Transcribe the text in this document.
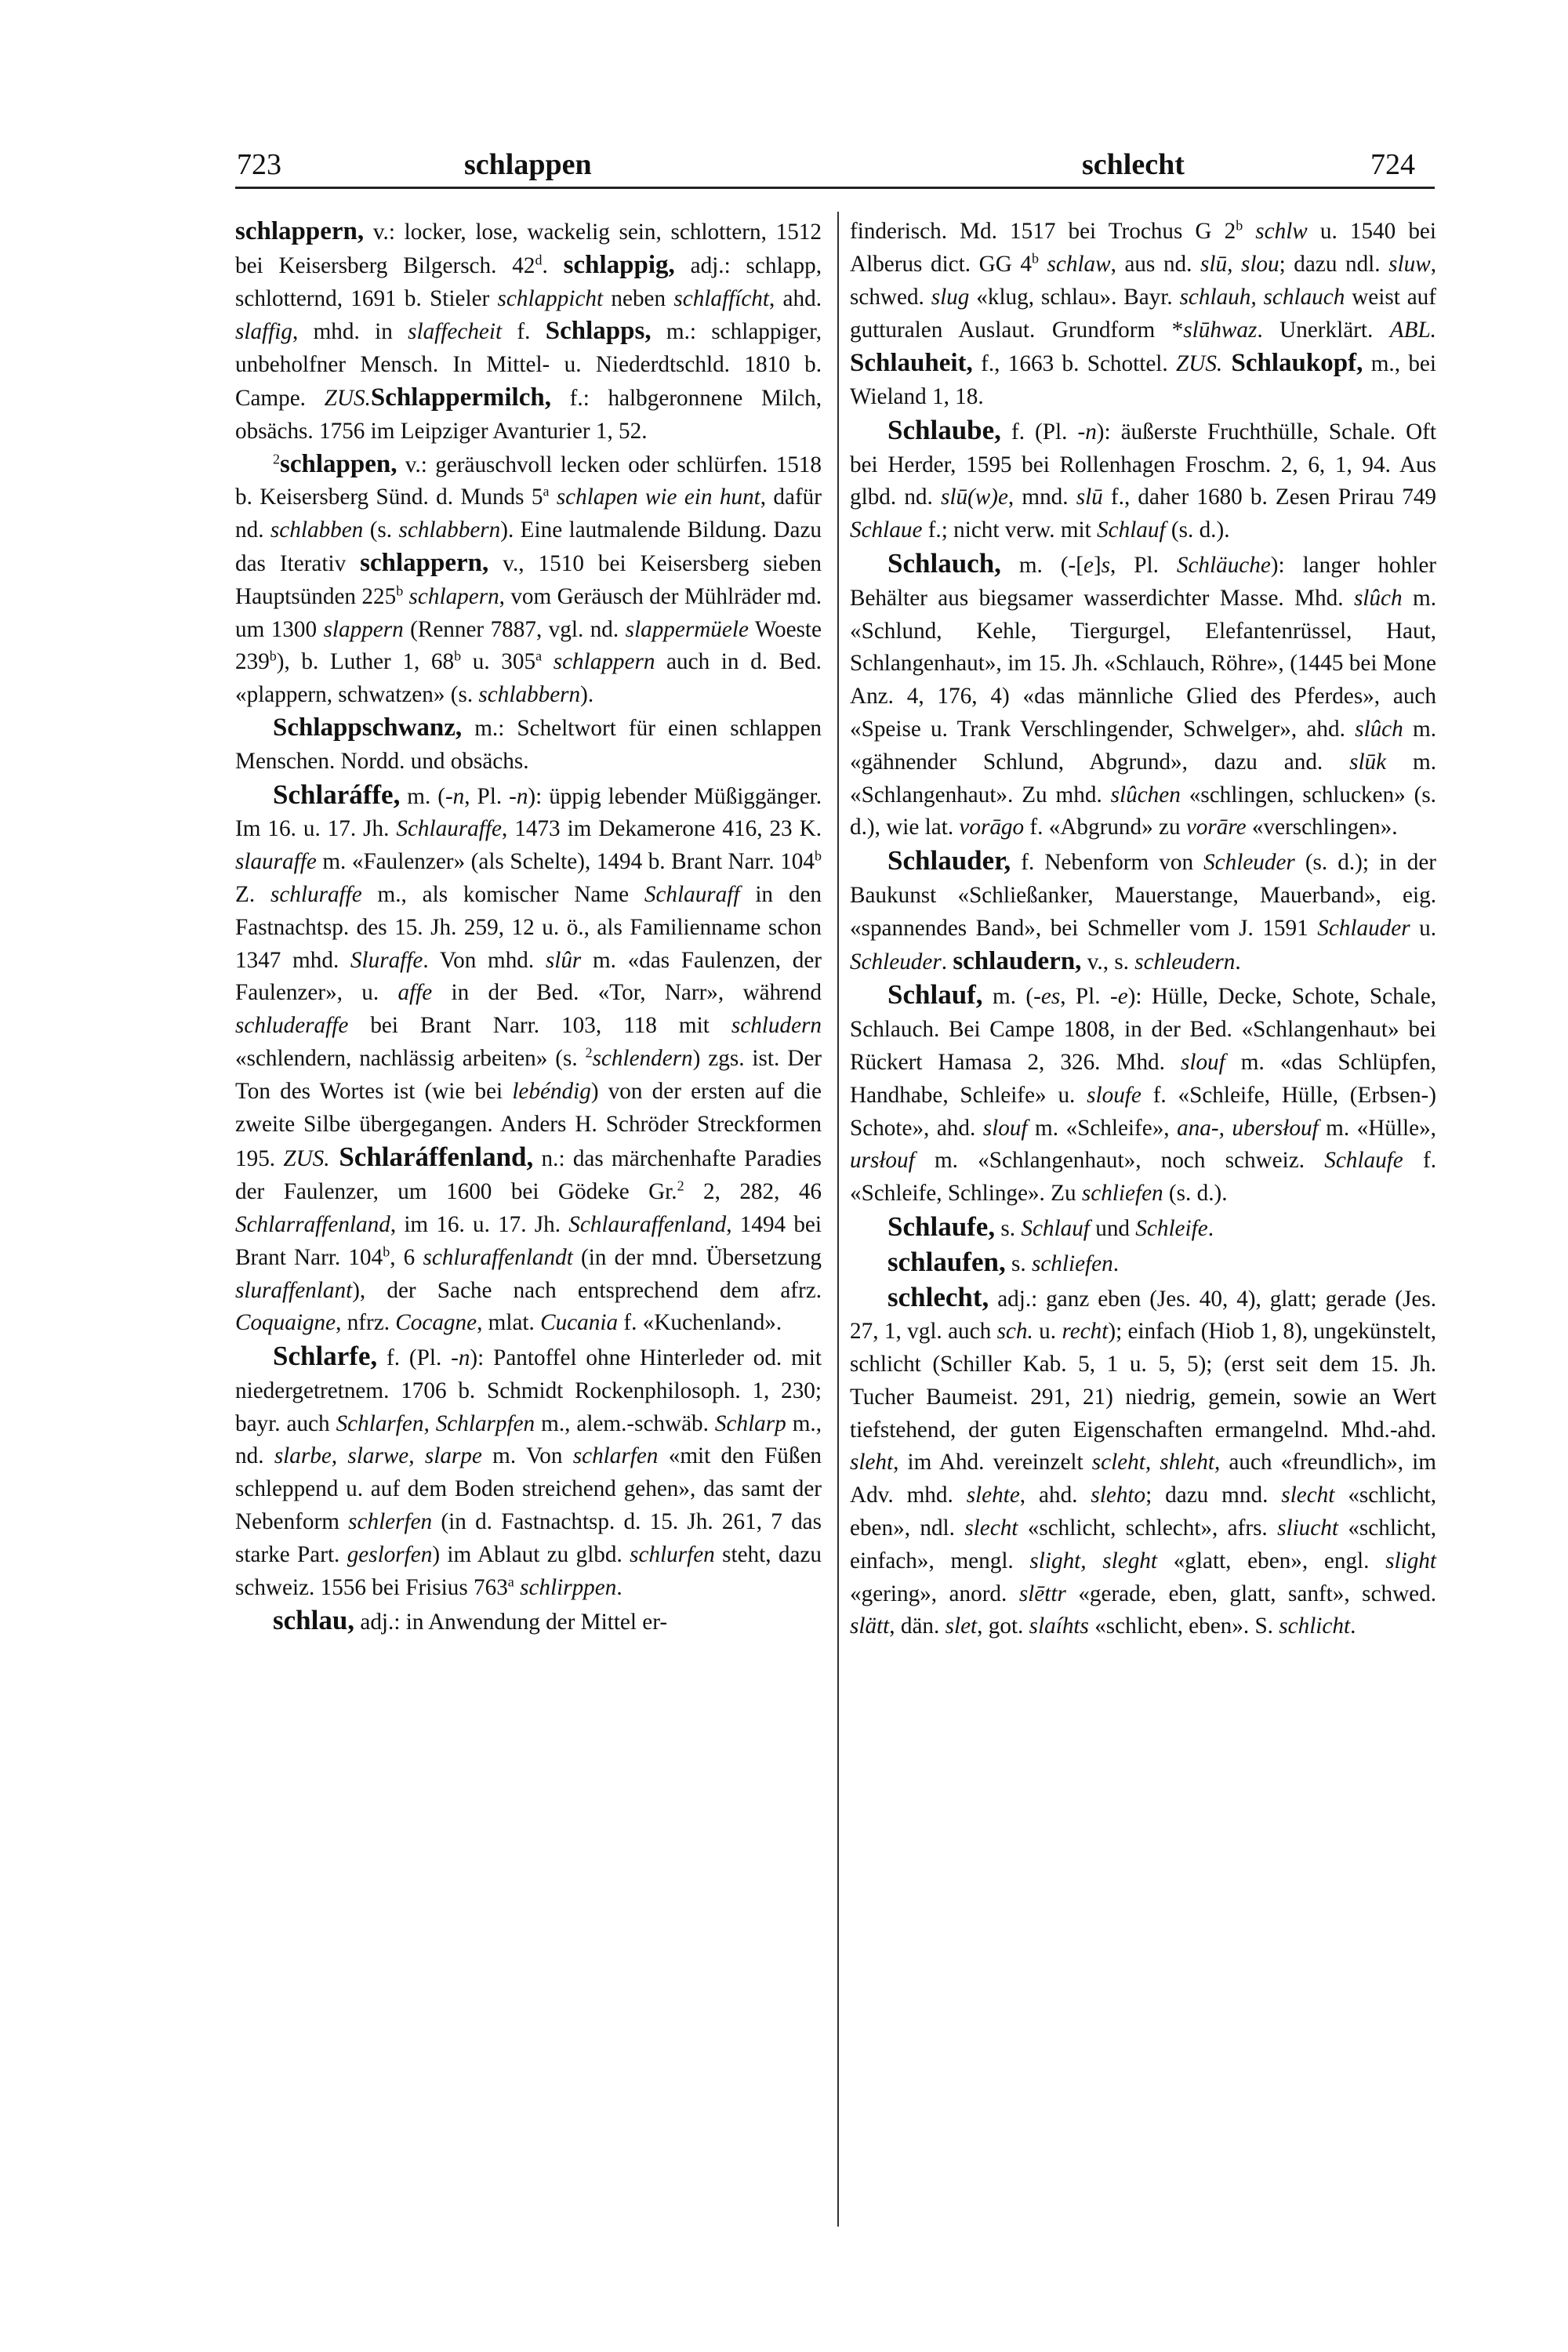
723	schlappen	schlecht	724

schlappern, v.: locker, lose, wackelig sein, schlottern, 1512 bei Keisersberg Bilgersch. 42$^d$. schlappig, adj.: schlapp, schlotternd, 1691 b. Stieler schlappicht neben schlaffícht, ahd. slaffig, mhd. in slaffecheit f. Schlapps, m.: schlappiger, unbeholfner Mensch. In Mittel- u. Niederdtschld. 1810 b. Campe. ZUS.Schlappermilch, f.: halbgeronnene Milch, obsächs. 1756 im Leipziger Avanturier 1, 52.

$^2$schlappen, v.: geräuschvoll lecken oder schlürfen. 1518 b. Keisersberg Sünd. d. Munds 5$^a$ schlapen wie ein hunt, dafür nd. schlabben (s. schlabbern). Eine lautmalende Bildung. Dazu das Iterativ schlappern, v., 1510 bei Keisersberg sieben Hauptsünden 225$^b$ schlapern, vom Geräusch der Mühlräder md. um 1300 slappern (Renner 7887, vgl. nd. slappermüele Woeste 239$^b$), b. Luther 1, 68$^b$ u. 305$^a$ schlappern auch in d. Bed. «plappern, schwatzen» (s. schlabbern).

Schlappschwanz, m.: Scheltwort für einen schlappen Menschen. Nordd. und obsächs.

Schlaráffe, m. (-n, Pl. -n): üppig lebender Müßiggänger. Im 16. u. 17. Jh. Schlauraffe, 1473 im Dekamerone 416, 23 K. slauraffe m. «Faulenzer» (als Schelte), 1494 b. Brant Narr. 104$^b$ Z. schluraffe m., als komischer Name Schlauraff in den Fastnachtsp. des 15. Jh. 259, 12 u. ö., als Familienname schon 1347 mhd. Sluraffe. Von mhd. slûr m. «das Faulenzen, der Faulenzer», u. affe in der Bed. «Tor, Narr», während schluderaffe bei Brant Narr. 103, 118 mit schludern «schlendern, nachlässig arbeiten» (s. $^2$schlendern) zgs. ist. Der Ton des Wortes ist (wie bei lebéndig) von der ersten auf die zweite Silbe übergegangen. Anders H. Schröder Streckformen 195. ZUS. Schlaráffenland, n.: das märchenhafte Paradies der Faulenzer, um 1600 bei Gödeke Gr.$^2$ 2, 282, 46 Schlarraffenland, im 16. u. 17. Jh. Schlauraffenland, 1494 bei Brant Narr. 104$^b$, 6 schluraffenlandt (in der mnd. Übersetzung sluraffenlant), der Sache nach entsprechend dem afrz. Coquaigne, nfrz. Cocagne, mlat. Cucania f. «Kuchenland».

Schlarfe, f. (Pl. -n): Pantoffel ohne Hinterleder od. mit niedergetretnem. 1706 b. Schmidt Rockenphilosoph. 1, 230; bayr. auch Schlarfen, Schlarpfen m., alem.-schwäb. Schlarp m., nd. slarbe, slarwe, slarpe m. Von schlarfen «mit den Füßen schleppend u. auf dem Boden streichend gehen», das samt der Nebenform schlerfen (in d. Fastnachtsp. d. 15. Jh. 261, 7 das starke Part. geslorfen) im Ablaut zu glbd. schlurfen steht, dazu schweiz. 1556 bei Frisius 763$^a$ schlirppen.

schlau, adj.: in Anwendung der Mittel er-

finderisch. Md. 1517 bei Trochus G 2$^b$ schlw u. 1540 bei Alberus dict. GG 4$^b$ schlaw, aus nd. slū, slou; dazu ndl. sluw, schwed. slug «klug, schlau». Bayr. schlauh, schlauch weist auf gutturalen Auslaut. Grundform *slūhwaz. Unerklärt. ABL. Schlauheit, f., 1663 b. Schottel. ZUS. Schlaukopf, m., bei Wieland 1, 18.

Schlaube, f. (Pl. -n): äußerste Fruchthülle, Schale. Oft bei Herder, 1595 bei Rollenhagen Froschm. 2, 6, 1, 94. Aus glbd. nd. slū(w)e, mnd. slū f., daher 1680 b. Zesen Prirau 749 Schlaue f.; nicht verw. mit Schlauf (s. d.).

Schlauch, m. (-[e]s, Pl. Schläuche): langer hohler Behälter aus biegsamer wasserdichter Masse. Mhd. slûch m. «Schlund, Kehle, Tiergurgel, Elefantenrüssel, Haut, Schlangenhaut», im 15. Jh. «Schlauch, Röhre», (1445 bei Mone Anz. 4, 176, 4) «das männliche Glied des Pferdes», auch «Speise u. Trank Verschlingender, Schwelger», ahd. slûch m. «gähnender Schlund, Abgrund», dazu and. slūk m. «Schlangenhaut». Zu mhd. slûchen «schlingen, schlucken» (s. d.), wie lat. vorāgo f. «Abgrund» zu vorāre «verschlingen».

Schlauder, f. Nebenform von Schleuder (s. d.); in der Baukunst «Schließanker, Mauerstange, Mauerband», eig. «spannendes Band», bei Schmeller vom J. 1591 Schlauder u. Schleuder. schlaudern, v., s. schleudern.

Schlauf, m. (-es, Pl. -e): Hülle, Decke, Schote, Schale, Schlauch. Bei Campe 1808, in der Bed. «Schlangenhaut» bei Rückert Hamasa 2, 326. Mhd. slouf m. «das Schlüpfen, Handhabe, Schleife» u. sloufe f. «Schleife, Hülle, (Erbsen-) Schote», ahd. slouf m. «Schleife», ana-, ubersłouf m. «Hülle», ursłouf m. «Schlangenhaut», noch schweiz. Schlaufe f. «Schleife, Schlinge». Zu schliefen (s. d.).

Schlaufe, s. Schlauf und Schleife.

schlaufen, s. schliefen.

schlecht, adj.: ganz eben (Jes. 40, 4), glatt; gerade (Jes. 27, 1, vgl. auch sch. u. recht); einfach (Hiob 1, 8), ungekünstelt, schlicht (Schiller Kab. 5, 1 u. 5, 5); (erst seit dem 15. Jh. Tucher Baumeist. 291, 21) niedrig, gemein, sowie an Wert tiefstehend, der guten Eigenschaften ermangelnd. Mhd.-ahd. sleht, im Ahd. vereinzelt scleht, shleht, auch «freundlich», im Adv. mhd. slehte, ahd. slehto; dazu mnd. slecht «schlicht, eben», ndl. slecht «schlicht, schlecht», afrs. sliucht «schlicht, einfach», mengl. slight, sleght «glatt, eben», engl. slight «gering», anord. slēttr «gerade, eben, glatt, sanft», schwed. slätt, dän. slet, got. slaíhts «schlicht, eben». S. schlicht.
